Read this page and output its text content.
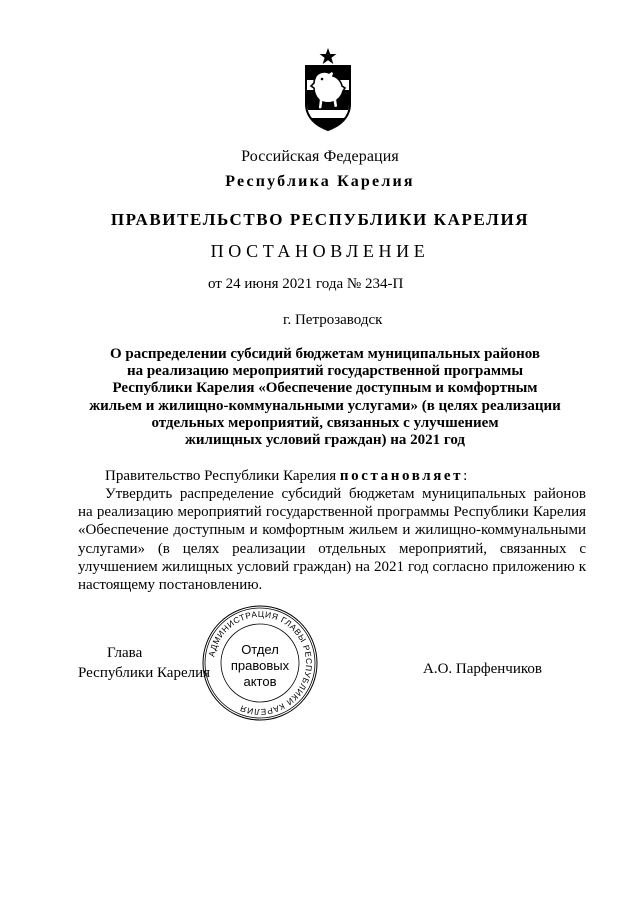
Российская Федерация
Республика Карелия
ПРАВИТЕЛЬСТВО РЕСПУБЛИКИ КАРЕЛИЯ
ПОСТАНОВЛЕНИЕ
от 24 июня 2021 года № 234-П
г. Петрозаводск
О распределении субсидий бюджетам муниципальных районов
на реализацию мероприятий государственной программы
Республики Карелия «Обеспечение доступным и комфортным
жильем и жилищно-коммунальными услугами» (в целях реализации
отдельных мероприятий, связанных с улучшением
жилищных условий граждан) на 2021 год
Правительство Республики Карелия постановляет:
Утвердить распределение субсидий бюджетам муниципальных районов
на реализацию мероприятий государственной программы Республики Карелия
«Обеспечение доступным и комфортным жильем и жилищно-коммунальными
услугами» (в целях реализации отдельных мероприятий, связанных с
улучшением жилищных условий граждан) на 2021 год согласно приложению к
настоящему постановлению.
Глава
Республики Карелия	А.О. Парфенчиков
АДМИНИСТРАЦИЯ ГЛАВЫ РЕСПУБЛИКИ КАРЕЛИЯ
Отдел
правовых
актов
